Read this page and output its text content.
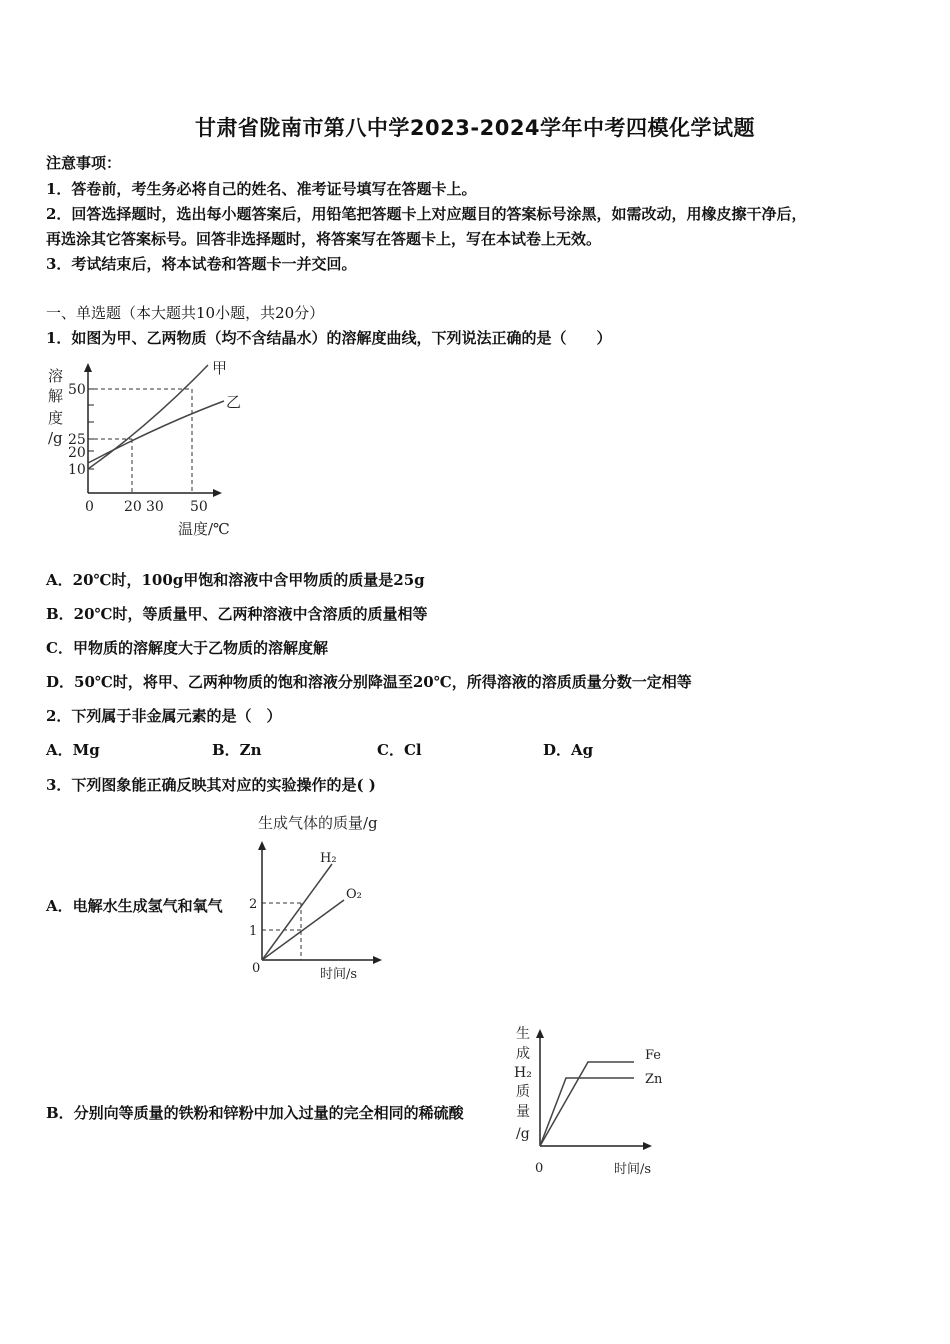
甘肃省陇南市第八中学2023-2024学年中考四模化学试题
注意事项：
1．答卷前，考生务必将自己的姓名、准考证号填写在答题卡上。
2．回答选择题时，选出每小题答案后，用铅笔把答题卡上对应题目的答案标号涂黑，如需改动，用橡皮擦干净后，
再选涂其它答案标号。回答非选择题时，将答案写在答题卡上，写在本试卷上无效。
3．考试结束后，将本试卷和答题卡一并交回。
一、单选题（本大题共10小题，共20分）
1．如图为甲、乙两物质（均不含结晶水）的溶解度曲线，下列说法正确的是（　　）
溶
解
度
/g
50
25
20
10
0 20 30 50
甲
乙
温度/℃
A．20℃时，100g甲饱和溶液中含甲物质的质量是25g
B．20℃时，等质量甲、乙两种溶液中含溶质的质量相等
C．甲物质的溶解度大于乙物质的溶解度解
D．50℃时，将甲、乙两种物质的饱和溶液分别降温至20℃，所得溶液的溶质质量分数一定相等
2．下列属于非金属元素的是（　）
A．Mg	B．Zn	C．Cl	D．Ag
3．下列图象能正确反映其对应的实验操作的是( )
A．电解水生成氢气和氧气
生成气体的质量/g
2
1
0
H₂
O₂
时间/s
B．分别向等质量的铁粉和锌粉中加入过量的完全相同的稀硫酸
生
成
H₂
质
量
/g
Fe
Zn
0	时间/s
